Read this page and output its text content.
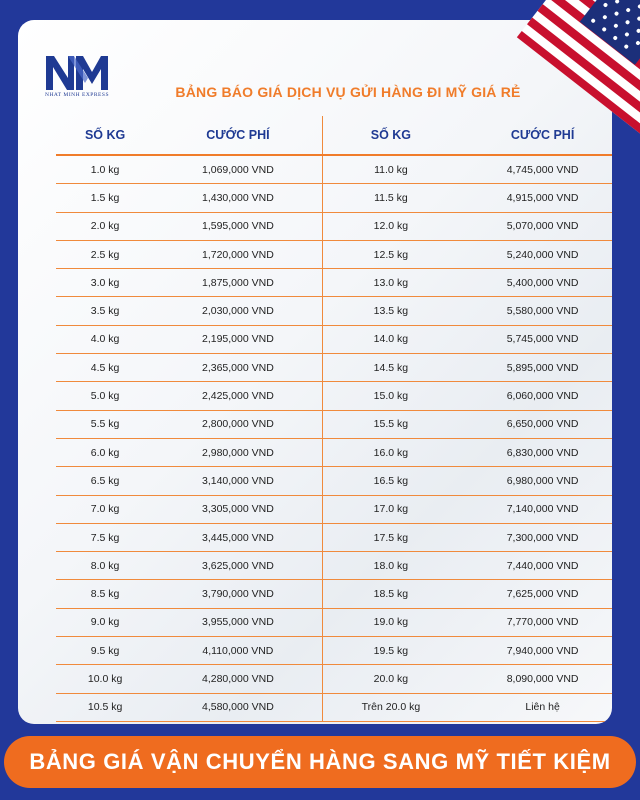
NHAT MINH EXPRESS	BẢNG BÁO GIÁ DỊCH VỤ GỬI HÀNG ĐI MỸ GIÁ RẺ
SỐ KG	CƯỚC PHÍ	SỐ KG	CƯỚC PHÍ
1.0 kg	1,069,000 VND	11.0 kg	4,745,000 VND
1.5 kg	1,430,000 VND	11.5 kg	4,915,000 VND
2.0 kg	1,595,000 VND	12.0 kg	5,070,000 VND
2.5 kg	1,720,000 VND	12.5 kg	5,240,000 VND
3.0 kg	1,875,000 VND	13.0 kg	5,400,000 VND
3.5 kg	2,030,000 VND	13.5 kg	5,580,000 VND
4.0 kg	2,195,000 VND	14.0 kg	5,745,000 VND
4.5 kg	2,365,000 VND	14.5 kg	5,895,000 VND
5.0 kg	2,425,000 VND	15.0 kg	6,060,000 VND
5.5 kg	2,800,000 VND	15.5 kg	6,650,000 VND
6.0 kg	2,980,000 VND	16.0 kg	6,830,000 VND
6.5 kg	3,140,000 VND	16.5 kg	6,980,000 VND
7.0 kg	3,305,000 VND	17.0 kg	7,140,000 VND
7.5 kg	3,445,000 VND	17.5 kg	7,300,000 VND
8.0 kg	3,625,000 VND	18.0 kg	7,440,000 VND
8.5 kg	3,790,000 VND	18.5 kg	7,625,000 VND
9.0 kg	3,955,000 VND	19.0 kg	7,770,000 VND
9.5 kg	4,110,000 VND	19.5 kg	7,940,000 VND
10.0 kg	4,280,000 VND	20.0 kg	8,090,000 VND
10.5 kg	4,580,000 VND	Trên 20.0 kg	Liên hệ
BẢNG GIÁ VẬN CHUYỂN HÀNG SANG MỸ TIẾT KIỆM
